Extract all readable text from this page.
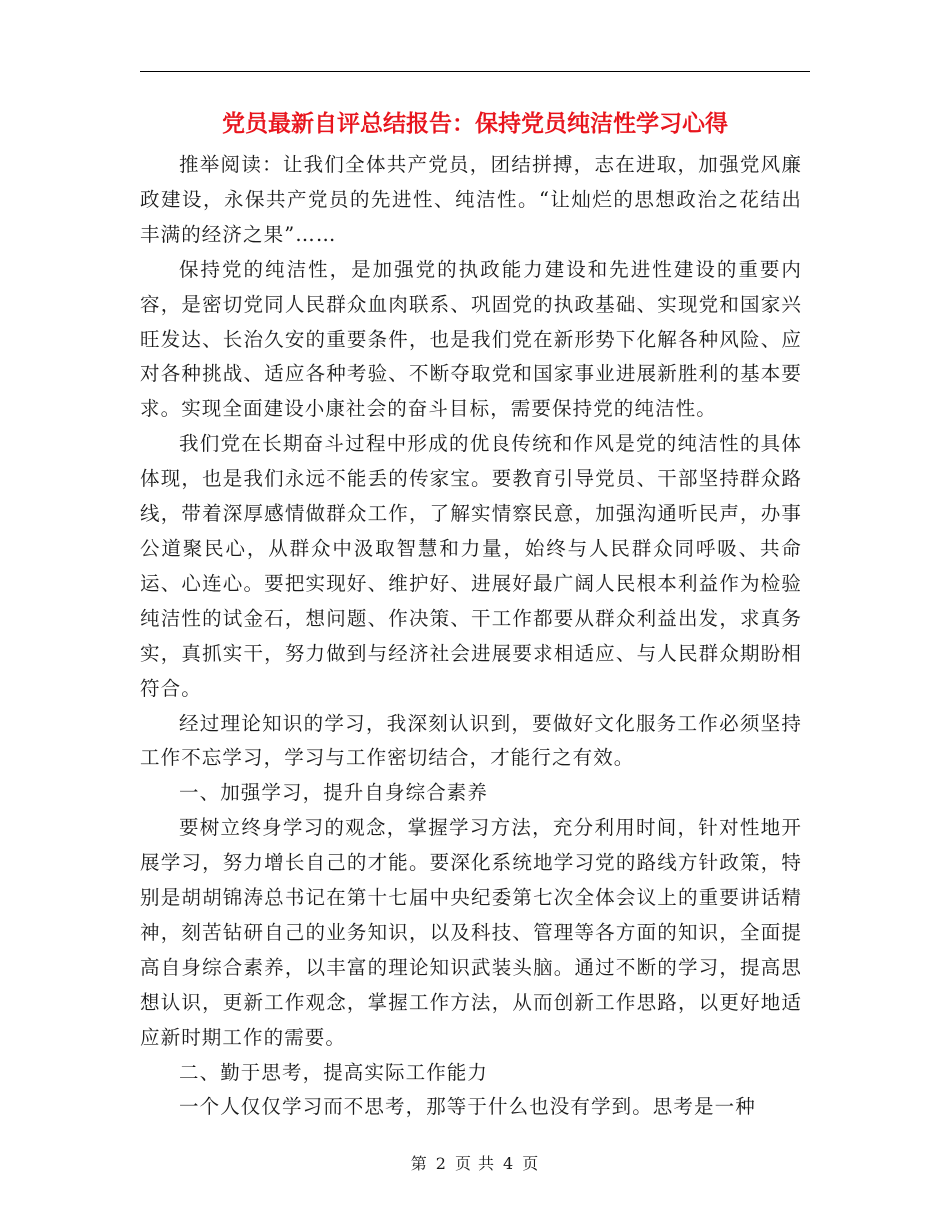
党员最新自评总结报告：保持党员纯洁性学习心得

推举阅读：让我们全体共产党员，团结拼搏，志在进取，加强党风廉政建设，永保共产党员的先进性、纯洁性。“让灿烂的思想政治之花结出丰满的经济之果”……

保持党的纯洁性，是加强党的执政能力建设和先进性建设的重要内容，是密切党同人民群众血肉联系、巩固党的执政基础、实现党和国家兴旺发达、长治久安的重要条件，也是我们党在新形势下化解各种风险、应对各种挑战、适应各种考验、不断夺取党和国家事业进展新胜利的基本要求。实现全面建设小康社会的奋斗目标，需要保持党的纯洁性。

我们党在长期奋斗过程中形成的优良传统和作风是党的纯洁性的具体体现，也是我们永远不能丢的传家宝。要教育引导党员、干部坚持群众路线，带着深厚感情做群众工作，了解实情察民意，加强沟通听民声，办事公道聚民心，从群众中汲取智慧和力量，始终与人民群众同呼吸、共命运、心连心。要把实现好、维护好、进展好最广阔人民根本利益作为检验纯洁性的试金石，想问题、作决策、干工作都要从群众利益出发，求真务实，真抓实干，努力做到与经济社会进展要求相适应、与人民群众期盼相符合。

经过理论知识的学习，我深刻认识到，要做好文化服务工作必须坚持工作不忘学习，学习与工作密切结合，才能行之有效。

一、加强学习，提升自身综合素养

要树立终身学习的观念，掌握学习方法，充分利用时间，针对性地开展学习，努力增长自己的才能。要深化系统地学习党的路线方针政策，特别是胡胡锦涛总书记在第十七届中央纪委第七次全体会议上的重要讲话精神，刻苦钻研自己的业务知识，以及科技、管理等各方面的知识，全面提高自身综合素养，以丰富的理论知识武装头脑。通过不断的学习，提高思想认识，更新工作观念，掌握工作方法，从而创新工作思路，以更好地适应新时期工作的需要。

二、勤于思考，提高实际工作能力

一个人仅仅学习而不思考，那等于什么也没有学到。思考是一种

第 2 页 共 4 页
